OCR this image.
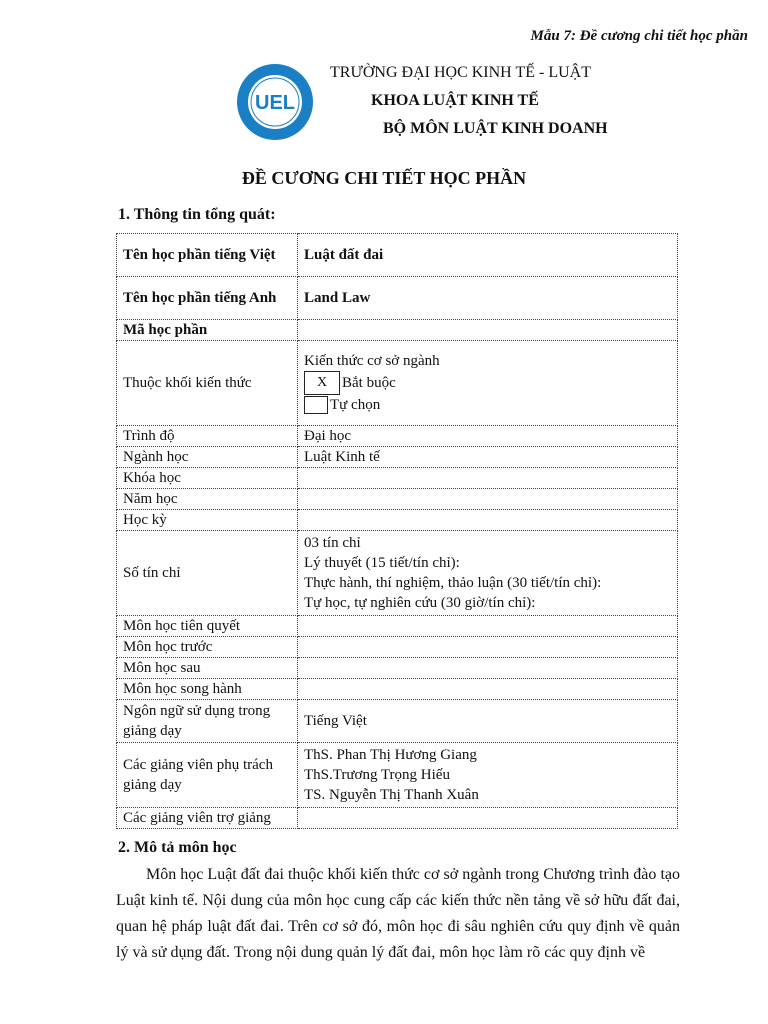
Mẫu 7: Đề cương chi tiết học phần
UEL
TRƯỜNG ĐẠI HỌC KINH TẾ - LUẬT
KHOA LUẬT KINH TẾ
BỘ MÔN LUẬT KINH DOANH
ĐỀ CƯƠNG CHI TIẾT HỌC PHẦN
1. Thông tin tổng quát:
Tên học phần tiếng Việt	Luật đất đai
Tên học phần tiếng Anh	Land Law
Mã học phần	
Thuộc khối kiến thức	Kiến thức cơ sở ngành
X Bắt buộc
Tự chọn

Trình độ	Đại học
Ngành học	Luật Kinh tế
Khóa học	
Năm học	
Học kỳ	
Số tín chỉ	03 tín chỉ
Lý thuyết (15 tiết/tín chỉ):
Thực hành, thí nghiệm, thảo luận (30 tiết/tín chỉ):
Tự học, tự nghiên cứu (30 giờ/tín chỉ):

Môn học tiên quyết	
Môn học trước	
Môn học sau	
Môn học song hành	
Ngôn ngữ sử dụng trong giảng dạy	Tiếng Việt
Các giảng viên phụ trách giảng dạy	ThS. Phan Thị Hương Giang
ThS.Trương Trọng Hiếu
TS. Nguyễn Thị Thanh Xuân

Các giảng viên trợ giảng	
2. Mô tả môn học

Môn học Luật đất đai thuộc khối kiến thức cơ sở ngành trong Chương trình đào tạo Luật kinh tế. Nội dung của môn học cung cấp các kiến thức nền tảng về sở hữu đất đai, quan hệ pháp luật đất đai. Trên cơ sở đó, môn học đi sâu nghiên cứu quy định về quản lý và sử dụng đất. Trong nội dung quản lý đất đai, môn học làm rõ các quy định về
